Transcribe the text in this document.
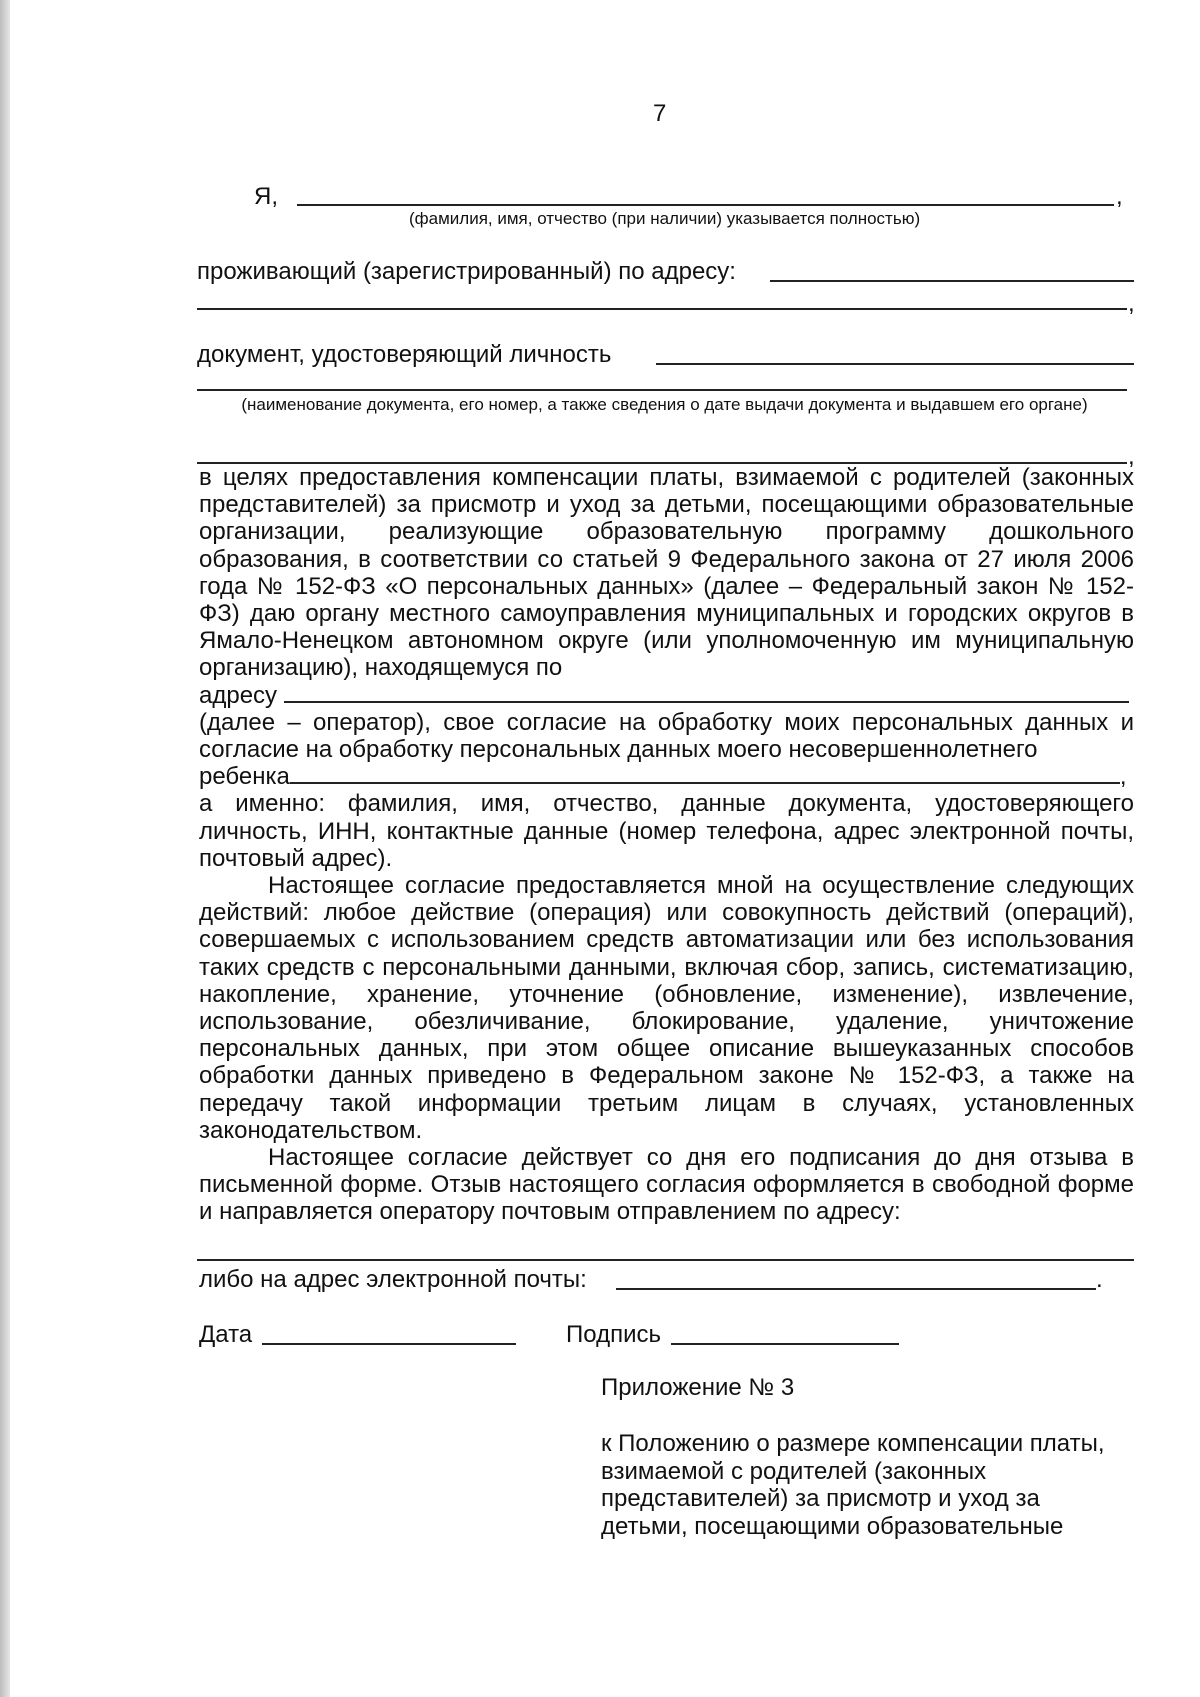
7
Я,	,
(фамилия, имя, отчество (при наличии) указывается полностью)
проживающий (зарегистрированный) по адресу:
,
документ, удостоверяющий личность
(наименование документа, его номер, а также сведения о дате выдачи документа и выдавшем его органе)
,

в целях предоставления компенсации платы, взимаемой с родителей (законных представителей) за присмотр и уход за детьми, посещающими образовательные организации, реализующие образовательную программу дошкольного образования, в соответствии со статьей 9 Федерального закона от 27 июля 2006 года № 152-ФЗ «О персональных данных» (далее – Федеральный закон № 152-ФЗ) даю органу местного самоуправления муниципальных и городских округов в Ямало-Ненецком автономном округе (или уполномоченную им муниципальную организацию), находящемуся по

адресу

(далее – оператор), свое согласие на обработку моих персональных данных и согласие на обработку персональных данных моего несовершеннолетнего

ребенка	,

а именно: фамилия, имя, отчество, данные документа, удостоверяющего личность, ИНН, контактные данные (номер телефона, адрес электронной почты, почтовый адрес).

Настоящее согласие предоставляется мной на осуществление следующих действий: любое действие (операция) или совокупность действий (операций), совершаемых с использованием средств автоматизации или без использования таких средств с персональными данными, включая сбор, запись, систематизацию, накопление, хранение, уточнение (обновление, изменение), извлечение, использование, обезличивание, блокирование, удаление, уничтожение персональных данных, при этом общее описание вышеуказанных способов обработки данных приведено в Федеральном законе № 152-ФЗ, а также на передачу такой информации третьим лицам в случаях, установленных законодательством.

Настоящее согласие действует со дня его подписания до дня отзыва в письменной форме. Отзыв настоящего согласия оформляется в свободной форме и направляется оператору почтовым отправлением по адресу:

либо на адрес электронной почты:	.
Дата	Подпись
Приложение № 3
к Положению о размере компенсации платы,
взимаемой с родителей (законных
представителей) за присмотр и уход за
детьми, посещающими образовательные
